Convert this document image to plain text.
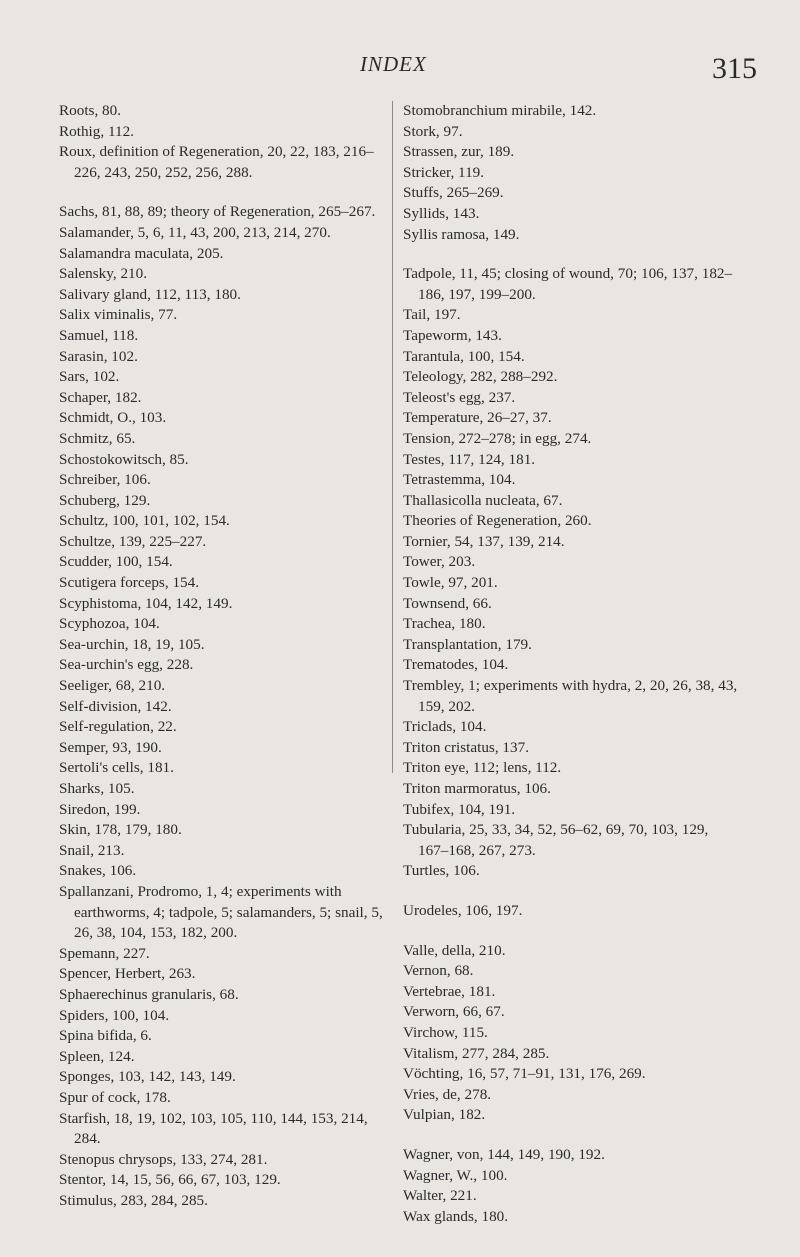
INDEX	315
Roots, 80.
Rothig, 112.
Roux, definition of Regeneration, 20, 22, 183, 216–226, 243, 250, 252, 256, 288.
Sachs, 81, 88, 89; theory of Regeneration, 265–267.
Salamander, 5, 6, 11, 43, 200, 213, 214, 270.
Salamandra maculata, 205.
Salensky, 210.
Salivary gland, 112, 113, 180.
Salix viminalis, 77.
Samuel, 118.
Sarasin, 102.
Sars, 102.
Schaper, 182.
Schmidt, O., 103.
Schmitz, 65.
Schostokowitsch, 85.
Schreiber, 106.
Schuberg, 129.
Schultz, 100, 101, 102, 154.
Schultze, 139, 225–227.
Scudder, 100, 154.
Scutigera forceps, 154.
Scyphistoma, 104, 142, 149.
Scyphozoa, 104.
Sea-urchin, 18, 19, 105.
Sea-urchin's egg, 228.
Seeliger, 68, 210.
Self-division, 142.
Self-regulation, 22.
Semper, 93, 190.
Sertoli's cells, 181.
Sharks, 105.
Siredon, 199.
Skin, 178, 179, 180.
Snail, 213.
Snakes, 106.
Spallanzani, Prodromo, 1, 4; experiments with earthworms, 4; tadpole, 5; salamanders, 5; snail, 5, 26, 38, 104, 153, 182, 200.
Spemann, 227.
Spencer, Herbert, 263.
Sphaerechinus granularis, 68.
Spiders, 100, 104.
Spina bifida, 6.
Spleen, 124.
Sponges, 103, 142, 143, 149.
Spur of cock, 178.
Starfish, 18, 19, 102, 103, 105, 110, 144, 153, 214, 284.
Stenopus chrysops, 133, 274, 281.
Stentor, 14, 15, 56, 66, 67, 103, 129.
Stimulus, 283, 284, 285.
Stomobranchium mirabile, 142.
Stork, 97.
Strassen, zur, 189.
Stricker, 119.
Stuffs, 265–269.
Syllids, 143.
Syllis ramosa, 149.
Tadpole, 11, 45; closing of wound, 70; 106, 137, 182–186, 197, 199–200.
Tail, 197.
Tapeworm, 143.
Tarantula, 100, 154.
Teleology, 282, 288–292.
Teleost's egg, 237.
Temperature, 26–27, 37.
Tension, 272–278; in egg, 274.
Testes, 117, 124, 181.
Tetrastemma, 104.
Thallasicolla nucleata, 67.
Theories of Regeneration, 260.
Tornier, 54, 137, 139, 214.
Tower, 203.
Towle, 97, 201.
Townsend, 66.
Trachea, 180.
Transplantation, 179.
Trematodes, 104.
Trembley, 1; experiments with hydra, 2, 20, 26, 38, 43, 159, 202.
Triclads, 104.
Triton cristatus, 137.
Triton eye, 112; lens, 112.
Triton marmoratus, 106.
Tubifex, 104, 191.
Tubularia, 25, 33, 34, 52, 56–62, 69, 70, 103, 129, 167–168, 267, 273.
Turtles, 106.
Urodeles, 106, 197.
Valle, della, 210.
Vernon, 68.
Vertebrae, 181.
Verworn, 66, 67.
Virchow, 115.
Vitalism, 277, 284, 285.
Vöchting, 16, 57, 71–91, 131, 176, 269.
Vries, de, 278.
Vulpian, 182.
Wagner, von, 144, 149, 190, 192.
Wagner, W., 100.
Walter, 221.
Wax glands, 180.
